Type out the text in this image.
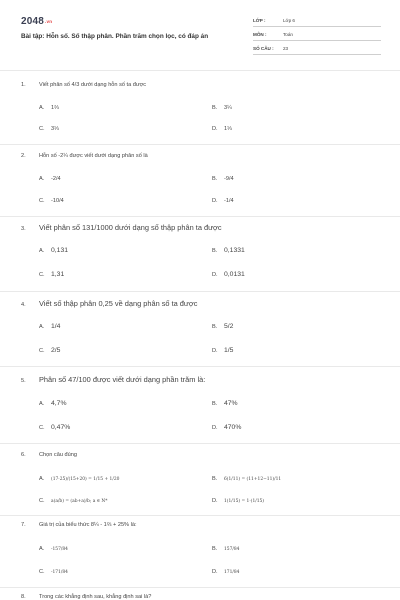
2048.vn
Bài tập: Hỗn số. Số thập phân. Phần trăm chọn lọc, có đáp án
LỚP :	Lớp 6
MÔN :	Toán
SỐ CÂU : 23
1. Viết phân số 4/3 dưới dạng hỗn số ta được
A. 1⅔	B. 3¼
C. 3⅓	D. 1⅓
2. Hỗn số -2¼ được viết dưới dạng phân số là
A. -2/4	B. -9/4
C. -10/4	D. -1/4
3. Viết phân số 131/1000 dưới dạng số thập phân ta được
A. 0,131	B. 0,1331
C. 1,31	D. 0,0131
4. Viết số thập phân 0,25 về dạng phân số ta được
A. 1/4	B. 5/2
C. 2/5	D. 1/5
5. Phân số 47/100 được viết dưới dạng phần trăm là:
A. 4,7%	B. 47%
C. 0,47%	D. 470%
6. Chọn câu đúng
A. (17·25)/(15+20) = 1/15 + 1/20	B. 6(1/11) = (11+12−11)/11
C. a(a/b) = (ab+a)/b; a ∈ N*	D. 1(1/15) = 1·(1/15)
7. Giá trị của biểu thức 8¼ - 1⅔ + 25% là:
A. -157/84	B. 157/84
C. -171/84	D. 171/84
8. Trong các khẳng định sau, khẳng định sai là?
